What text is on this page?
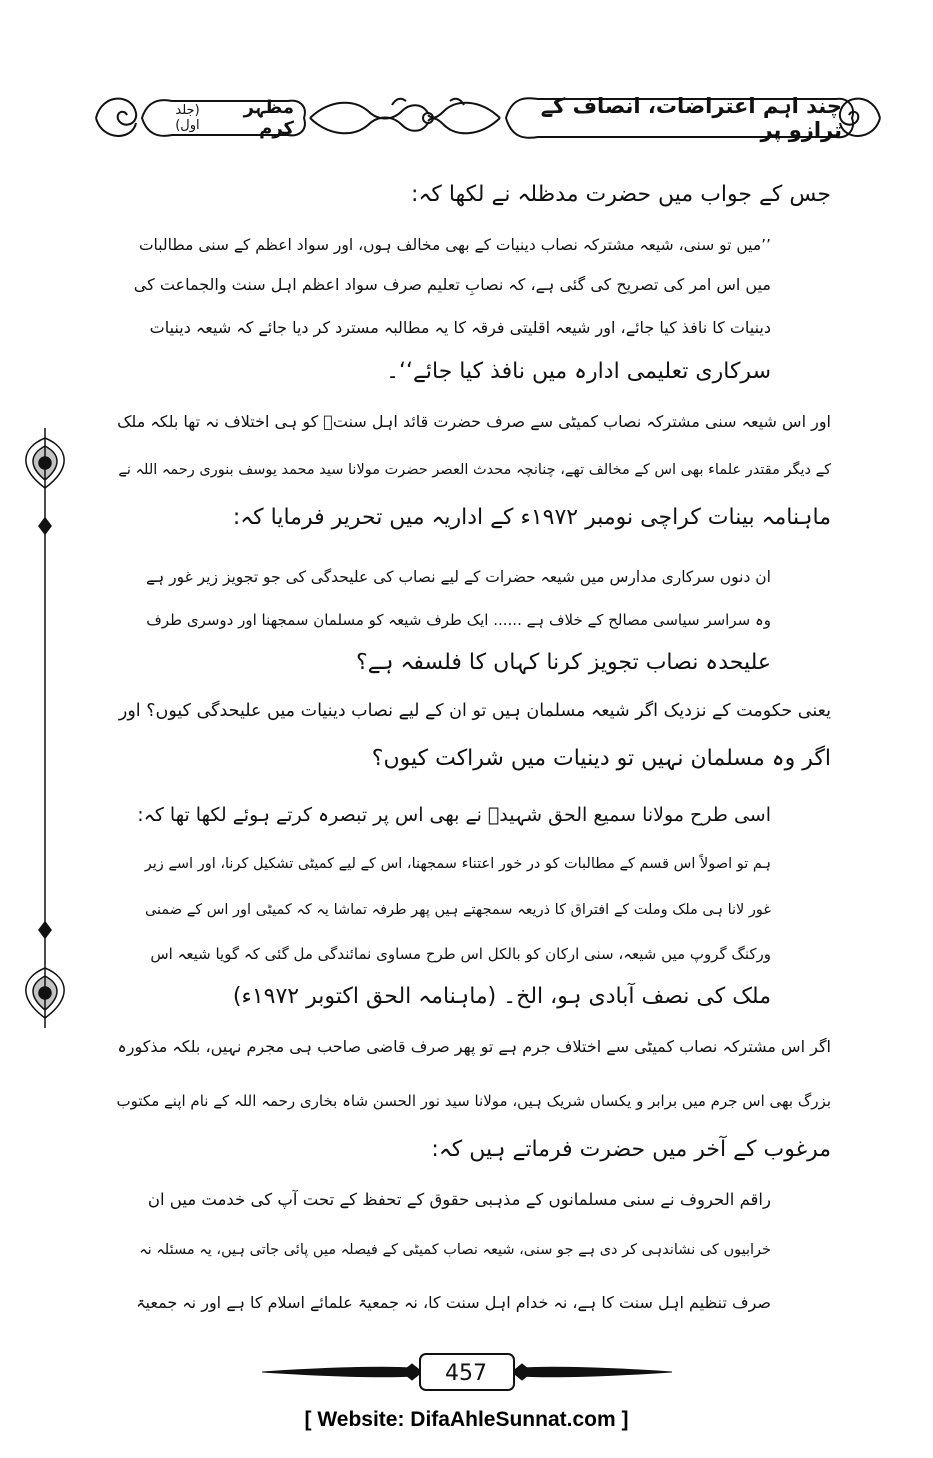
مظہر کرم
(جلد اول)
چند اہم اعتراضات، انصاف کے ترازو پر
جس کے جواب میں حضرت مدظلہ نے لکھا کہ:
’’میں تو سنی، شیعہ مشترکہ نصاب دینیات کے بھی مخالف ہوں، اور سواد اعظم کے سنی مطالبات
میں اس امر کی تصریح کی گئی ہے، کہ نصابِ تعلیم صرف سواد اعظم اہل سنت والجماعت کی
دینیات کا نافذ کیا جائے، اور شیعہ اقلیتی فرقہ کا یہ مطالبہ مسترد کر دیا جائے کہ شیعہ دینیات
سرکاری تعلیمی ادارہ میں نافذ کیا جائے‘‘۔
اور اس شیعہ سنی مشترکہ نصاب کمیٹی سے صرف حضرت قائد اہل سنتؒ کو ہی اختلاف نہ تھا بلکہ ملک
کے دیگر مقتدر علماء بھی اس کے مخالف تھے، چنانچہ محدث العصر حضرت مولانا سید محمد یوسف بنوری رحمہ اللہ نے
ماہنامہ بینات کراچی نومبر ۱۹۷۲ء کے اداریہ میں تحریر فرمایا کہ:
ان دنوں سرکاری مدارس میں شیعہ حضرات کے لیے نصاب کی علیحدگی کی جو تجویز زیر غور ہے
وہ سراسر سیاسی مصالح کے خلاف ہے ...... ایک طرف شیعہ کو مسلمان سمجھنا اور دوسری طرف
علیحدہ نصاب تجویز کرنا کہاں کا فلسفہ ہے؟
یعنی حکومت کے نزدیک اگر شیعہ مسلمان ہیں تو ان کے لیے نصاب دینیات میں علیحدگی کیوں؟ اور
اگر وہ مسلمان نہیں تو دینیات میں شراکت کیوں؟
اسی طرح مولانا سمیع الحق شہیدؒ نے بھی اس پر تبصرہ کرتے ہوئے لکھا تھا کہ:
ہم تو اصولاً اس قسم کے مطالبات کو در خور اعتناء سمجھنا، اس کے لیے کمیٹی تشکیل کرنا، اور اسے زیر
غور لانا ہی ملک وملت کے افتراق کا ذریعہ سمجھتے ہیں پھر طرفہ تماشا یہ کہ کمیٹی اور اس کے ضمنی
ورکنگ گروپ میں شیعہ، سنی ارکان کو بالکل اس طرح مساوی نمائندگی مل گئی کہ گویا شیعہ اس
ملک کی نصف آبادی ہو، الخ۔ (ماہنامہ الحق اکتوبر ۱۹۷۲ء)
اگر اس مشترکہ نصاب کمیٹی سے اختلاف جرم ہے تو پھر صرف قاضی صاحب ہی مجرم نہیں، بلکہ مذکورہ
بزرگ بھی اس جرم میں برابر و یکساں شریک ہیں، مولانا سید نور الحسن شاہ بخاری رحمہ اللہ کے نام اپنے مکتوب
مرغوب کے آخر میں حضرت فرماتے ہیں کہ:
راقم الحروف نے سنی مسلمانوں کے مذہبی حقوق کے تحفظ کے تحت آپ کی خدمت میں ان
خرابیوں کی نشاندہی کر دی ہے جو سنی، شیعہ نصاب کمیٹی کے فیصلہ میں پائی جاتی ہیں، یہ مسئلہ نہ
صرف تنظیم اہل سنت کا ہے، نہ خدام اہل سنت کا، نہ جمعیۃ علمائے اسلام کا ہے اور نہ جمعیۃ
457
[ Website: DifaAhleSunnat.com ]
